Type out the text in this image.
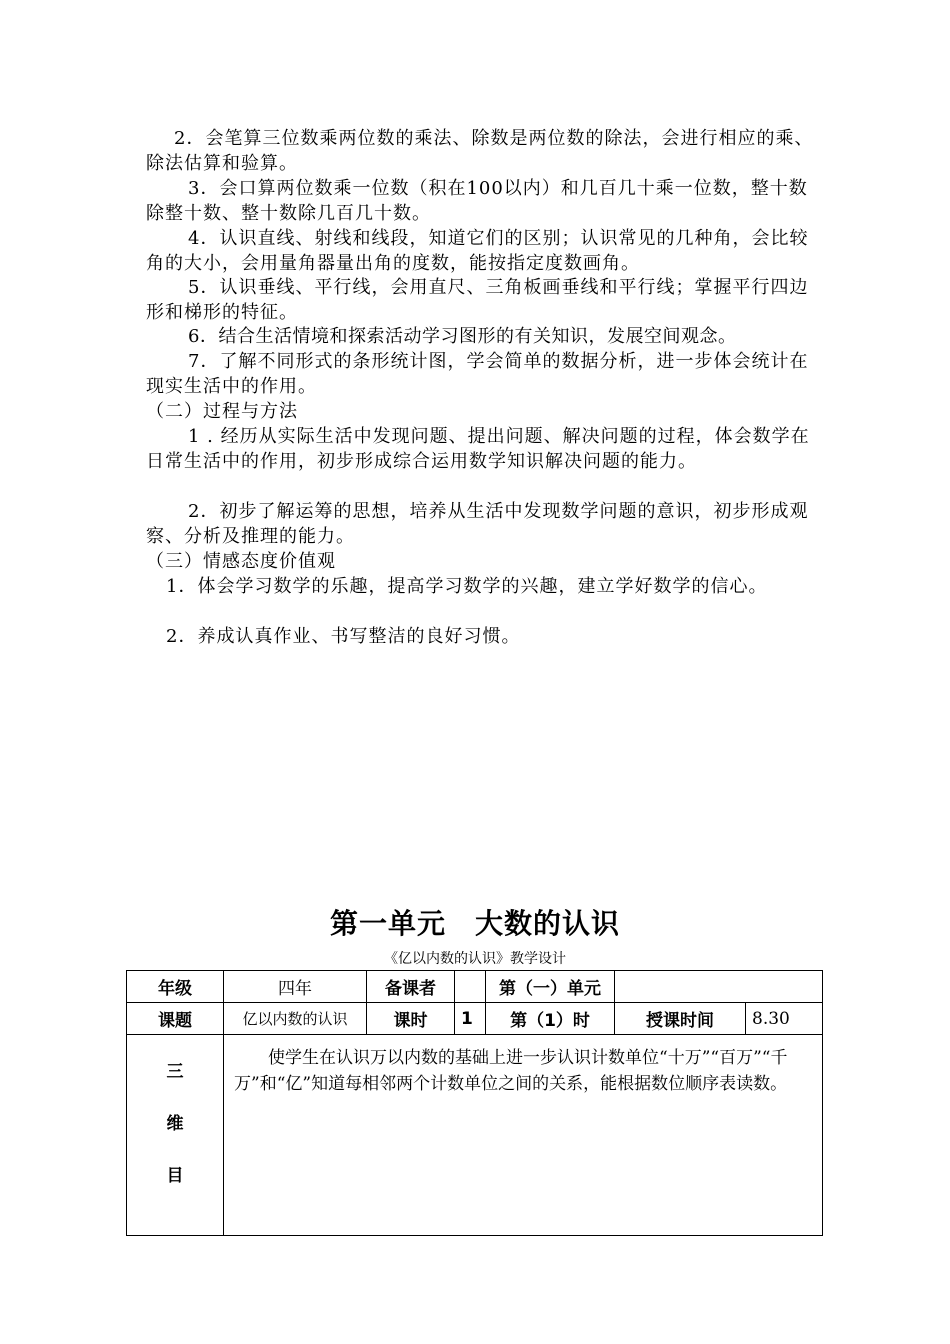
2．会笔算三位数乘两位数的乘法、除数是两位数的除法，会进行相应的乘、除法估算和验算。

3．会口算两位数乘一位数（积在100以内）和几百几十乘一位数，整十数除整十数、整十数除几百几十数。

4．认识直线、射线和线段，知道它们的区别；认识常见的几种角，会比较角的大小，会用量角器量出角的度数，能按指定度数画角。

5．认识垂线、平行线，会用直尺、三角板画垂线和平行线；掌握平行四边形和梯形的特征。

6．结合生活情境和探索活动学习图形的有关知识，发展空间观念。

7．了解不同形式的条形统计图，学会简单的数据分析，进一步体会统计在现实生活中的作用。

（二）过程与方法

1 . 经历从实际生活中发现问题、提出问题、解决问题的过程，体会数学在日常生活中的作用，初步形成综合运用数学知识解决问题的能力。

2．初步了解运筹的思想，培养从生活中发现数学问题的意识，初步形成观察、分析及推理的能力。

（三）情感态度价值观

1．体会学习数学的乐趣，提高学习数学的兴趣，建立学好数学的信心。

2．养成认真作业、书写整洁的良好习惯。

第一单元　大数的认识
《亿以内数的认识》教学设计
年级	四年	备课者		第（一）单元		
课题	亿以内数的认识	课时	1	第（1）时	授课时间	8.30

三
维
目	使学生在认识万以内数的基础上进一步认识计数单位“十万”“百万”“千万”和“亿”知道每相邻两个计数单位之间的关系，能根据数位顺序表读数。					
